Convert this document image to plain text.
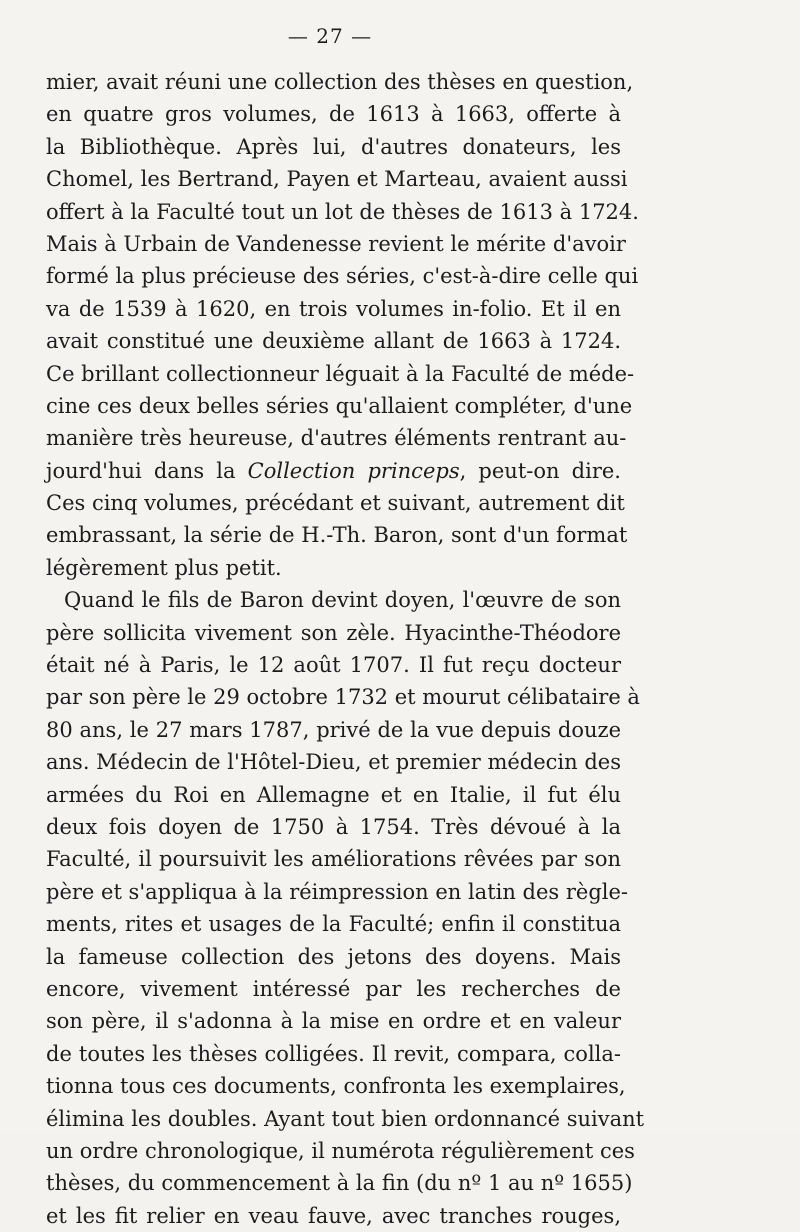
— 27 —
mier, avait réuni une collection des thèses en question,
en quatre gros volumes, de 1613 à 1663, offerte à
la Bibliothèque. Après lui, d'autres donateurs, les
Chomel, les Bertrand, Payen et Marteau, avaient aussi
offert à la Faculté tout un lot de thèses de 1613 à 1724.
Mais à Urbain de Vandenesse revient le mérite d'avoir
formé la plus précieuse des séries, c'est-à-dire celle qui
va de 1539 à 1620, en trois volumes in-folio. Et il en
avait constitué une deuxième allant de 1663 à 1724.
Ce brillant collectionneur léguait à la Faculté de méde-
cine ces deux belles séries qu'allaient compléter, d'une
manière très heureuse, d'autres éléments rentrant au-
jourd'hui dans la Collection princeps, peut-on dire.
Ces cinq volumes, précédant et suivant, autrement dit
embrassant, la série de H.-Th. Baron, sont d'un format
légèrement plus petit.
Quand le fils de Baron devint doyen, l'œuvre de son
père sollicita vivement son zèle. Hyacinthe-Théodore
était né à Paris, le 12 août 1707. Il fut reçu docteur
par son père le 29 octobre 1732 et mourut célibataire à
80 ans, le 27 mars 1787, privé de la vue depuis douze
ans. Médecin de l'Hôtel-Dieu, et premier médecin des
armées du Roi en Allemagne et en Italie, il fut élu
deux fois doyen de 1750 à 1754. Très dévoué à la
Faculté, il poursuivit les améliorations rêvées par son
père et s'appliqua à la réimpression en latin des règle-
ments, rites et usages de la Faculté; enfin il constitua
la fameuse collection des jetons des doyens. Mais
encore, vivement intéressé par les recherches de
son père, il s'adonna à la mise en ordre et en valeur
de toutes les thèses colligées. Il revit, compara, colla-
tionna tous ces documents, confronta les exemplaires,
élimina les doubles. Ayant tout bien ordonnancé suivant
un ordre chronologique, il numérota régulièrement ces
thèses, du commencement à la fin (du nº 1 au nº 1655)
et les fit relier en veau fauve, avec tranches rouges,
